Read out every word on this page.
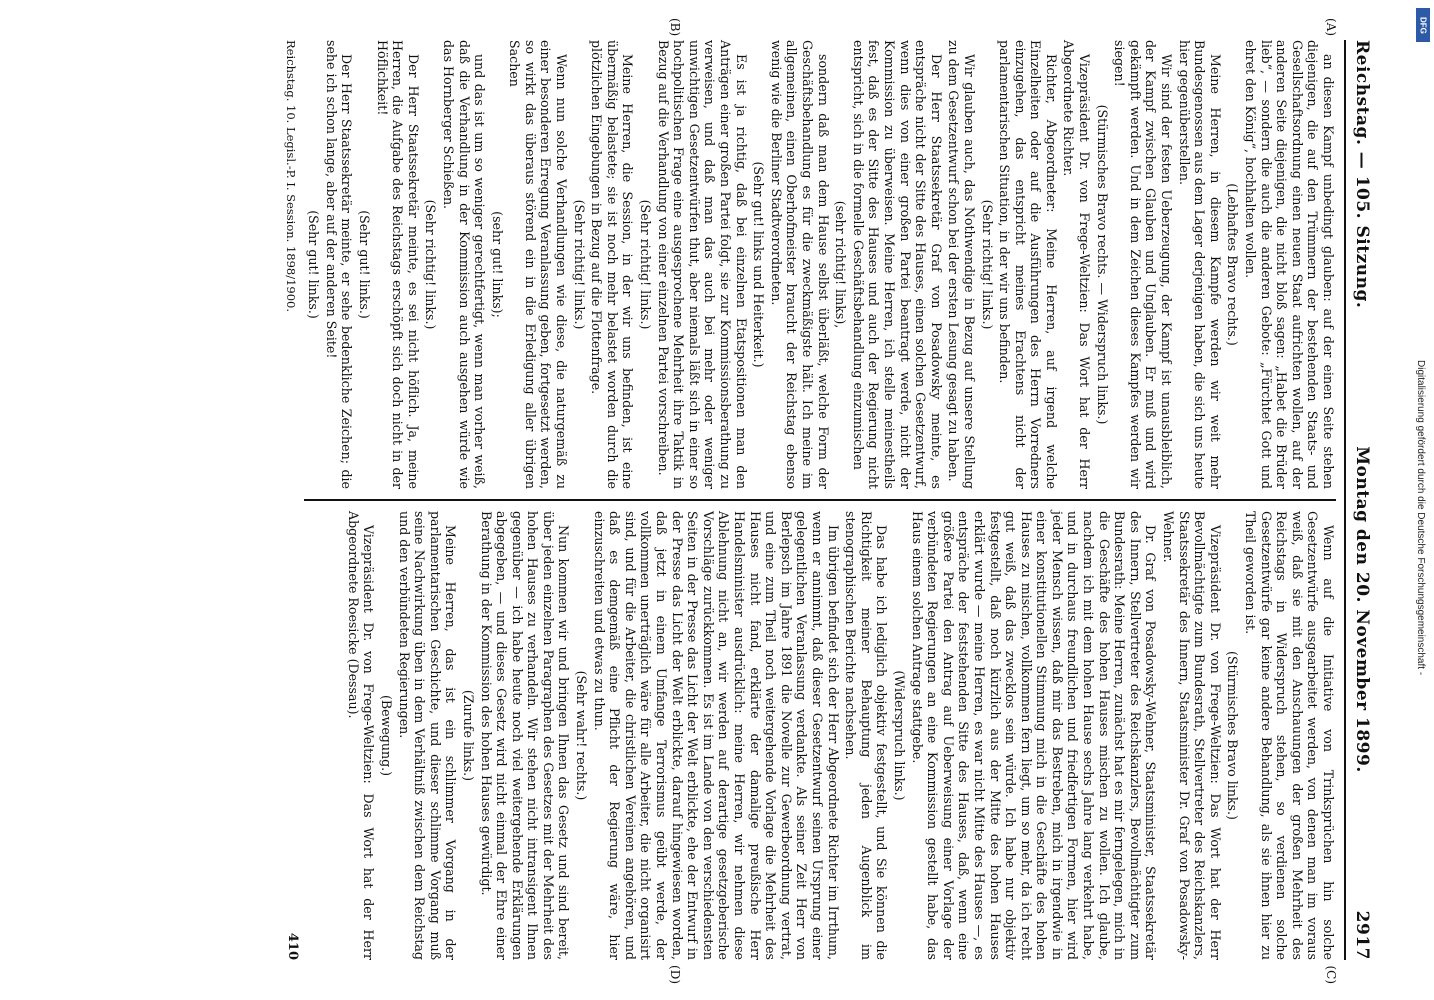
Reichstag. — 105. Sitzung.
Montag den 20. November 1899.
2917

an diesen Kampf unbedingt glauben: auf der einen Seite stehen diejenigen, die auf den Trümmern der bestehenden Staats- und Gesellschaftsordnung einen neuen Staat aufrichten wollen, auf der anderen Seite diejenigen, die nicht bloß sagen: „Habet die Brüder lieb“, — sondern die auch die anderen Gebote: „Fürchtet Gott und ehret den König“, hochhalten wollen.

(Lebhaftes Bravo rechts.)

Meine Herren, in diesem Kampfe werden wir weit mehr Bundesgenossen aus dem Lager derjenigen haben, die sich uns heute hier gegenüberstellen.

Wir sind der festen Ueberzeugung, der Kampf ist unausbleiblich, der Kampf zwischen Glauben und Unglauben. Er muß und wird gekämpft werden. Und in dem Zeichen dieses Kampfes werden wir siegen!

(Stürmisches Bravo rechts. — Widerspruch links.)

Vizepräsident Dr. von Frege-Weltzien: Das Wort hat der Herr Abgeordnete Richter.

Richter, Abgeordneter: Meine Herren, auf irgend welche Einzelheiten oder auf die Ausführungen des Herrn Vorredners einzugehen, das entspricht meines Erachtens nicht der parlamentarischen Situation, in der wir uns befinden.

(Sehr richtig! links.)

Wir glauben auch, das Nothwendige in Bezug auf unsere Stellung zu dem Gesetzentwurf schon bei der ersten Lesung gesagt zu haben.

Der Herr Staatssekretär Graf von Posadowsky meinte, es entspräche nicht der Sitte des Hauses, einen solchen Gesetzentwurf, wenn dies von einer großen Partei beantragt werde, nicht der Kommission zu überweisen. Meine Herren, ich stelle meinestheils fest, daß es der Sitte des Hauses und auch der Regierung nicht entspricht, sich in die formelle Geschäftsbehandlung einzumischen

(sehr richtig! links),

sondern daß man dem Hause selbst überläßt, welche Form der Geschäftsbehandlung es für die zweckmäßigste hält. Ich meine im allgemeinen, einen Oberhofmeister braucht der Reichstag ebenso wenig wie die Berliner Stadtverordneten.

(Sehr gut! links und Heiterkeit.)

Es ist ja richtig, daß bei einzelnen Etatspositionen man den Anträgen einer großen Partei folgt, sie zur Kommissionsberathung zu verweisen, und daß man das auch bei mehr oder weniger unwichtigen Gesetzentwürfen thut, aber niemals läßt sich in einer so hochpolitischen Frage eine ausgesprochene Mehrheit ihre Taktik in Bezug auf die Verhandlung von einer einzelnen Partei vorschreiben.

(Sehr richtig! links.)

Meine Herren, die Session, in der wir uns befinden, ist eine übermäßig belastete; sie ist noch mehr belastet worden durch die plötzlichen Eingebungen in Bezug auf die Flottenfrage.

(Sehr richtig! links.)

Wenn nun solche Verhandlungen wie diese, die naturgemäß zu einer besonderen Erregung Veranlassung geben, fortgesetzt werden, so wirkt das überaus störend ein in die Erledigung aller übrigen Sachen

(sehr gut! links);

und das ist um so weniger gerechtfertigt, wenn man vorher weiß, daß die Verhandlung in der Kommission auch ausgehen würde wie das Hornberger Schießen.

(Sehr richtig! links.)

Der Herr Staatssekretär meinte, es sei nicht höflich. Ja, meine Herren, die Aufgabe des Reichstags erschöpft sich doch nicht in der Höflichkeit!

(Sehr gut! links.)

Der Herr Staatssekretär meinte, er sehe bedenkliche Zeichen; die sehe ich schon lange, aber auf der anderen Seite!

(Sehr gut! links.)

Wenn auf die Initiative von Trinksprüchen hin solche Gesetzentwürfe ausgearbeitet werden, von denen man im voraus weiß, daß sie mit den Anschauungen der großen Mehrheit des Reichstags in Widerspruch stehen, so verdienen solche Gesetzentwürfe gar keine andere Behandlung, als sie ihnen hier zu Theil geworden ist.

(Stürmisches Bravo links.)

Vizepräsident Dr. von Frege-Weltzien: Das Wort hat der Herr Bevollmächtigte zum Bundesrath, Stellvertreter des Reichskanzlers, Staatssekretär des Innern, Staatsminister Dr. Graf von Posadowsky-Wehner.

Dr. Graf von Posadowsky-Wehner, Staatsminister, Staatssekretär des Innern, Stellvertreter des Reichskanzlers, Bevollmächtigter zum Bundesrath: Meine Herren, zunächst hat es mir ferngelegen, mich in die Geschäfte des hohen Hauses mischen zu wollen. Ich glaube, nachdem ich mit dem hohen Hause sechs Jahre lang verkehrt habe, und in durchaus freundlichen und friedfertigen Formen, hier wird jeder Mensch wissen, daß mir das Bestreben, mich in irgendwie in einer konstitutionellen Stimmung mich in die Geschäfte des hohen Hauses zu mischen, vollkommen fern liegt, um so mehr, da ich recht gut weiß, daß das zwecklos sein würde. Ich habe nur objektiv festgestellt, daß noch kürzlich aus der Mitte des hohen Hauses erklärt wurde — meine Herren, es war nicht Mitte des Hauses —, es entspräche der feststehenden Sitte des Hauses, daß, wenn eine größere Partei den Antrag auf Ueberweisung einer Vorlage der verbündeten Regierungen an eine Kommission gestellt habe, das Haus einem solchen Antrage stattgebe.

(Widerspruch links.)

Das habe ich lediglich objektiv festgestellt, und Sie können die Richtigkeit meiner Behauptung jeden Augenblick im stenographischen Berichte nachsehen.

Im übrigen befindet sich der Herr Abgeordnete Richter im Irrthum, wenn er annimmt, daß dieser Gesetzentwurf seinen Ursprung einer gelegentlichen Veranlassung verdankte. Als seiner Zeit Herr von Berlepsch im Jahre 1891 die Novelle zur Gewerbeordnung vertrat, und eine zum Theil noch weitergehende Vorlage die Mehrheit des Hauses nicht fand, erklärte der damalige preußische Herr Handelsminister ausdrücklich: meine Herren, wir nehmen diese Ablehnung nicht an, wir werden auf derartige gesetzgeberische Vorschläge zurückkommen. Es ist im Lande von den verschiedensten Seiten in der Presse das Licht der Welt erblickte, ehe der Entwurf in der Presse das Licht der Welt erblickte, darauf hingewiesen worden, daß jetzt in einem Umfange Terrorismus geübt werde, der vollkommen unerträglich wäre für alle Arbeiter, die nicht organisirt sind, und für die Arbeiter, die christlichen Vereinen angehören, und daß es demgemäß eine Pflicht der Regierung wäre, hier einzuschreiten und etwas zu thun.

(Sehr wahr! rechts.)

Nun kommen wir und bringen Ihnen das Gesetz und sind bereit, über jeden einzelnen Paragraphen des Gesetzes mit der Mehrheit des hohen Hauses zu verhandeln. Wir stehen nicht intransigent Ihnen gegenüber — ich habe heute noch viel weitergehende Erklärungen abgegeben, — und dieses Gesetz wird nicht einmal der Ehre einer Berathung in der Kommission des hohen Hauses gewürdigt.

(Zurufe links.)

Meine Herren, das ist ein schlimmer Vorgang in der parlamentarischen Geschichte, und dieser schlimme Vorgang muß seine Nachwirkung üben in dem Verhältniß zwischen dem Reichstag und den verbündeten Regierungen.

(Bewegung.)

Vizepräsident Dr. von Frege-Weltzien: Das Wort hat der Herr Abgeordnete Roesicke (Dessau).

Reichstag. 10. Legisl.-P. I. Session. 1898/1900.
410
(A)
(B)
(C)
(D)
DFG
Digitalisierung gefördert durch die Deutsche Forschungsgemeinschaft -
